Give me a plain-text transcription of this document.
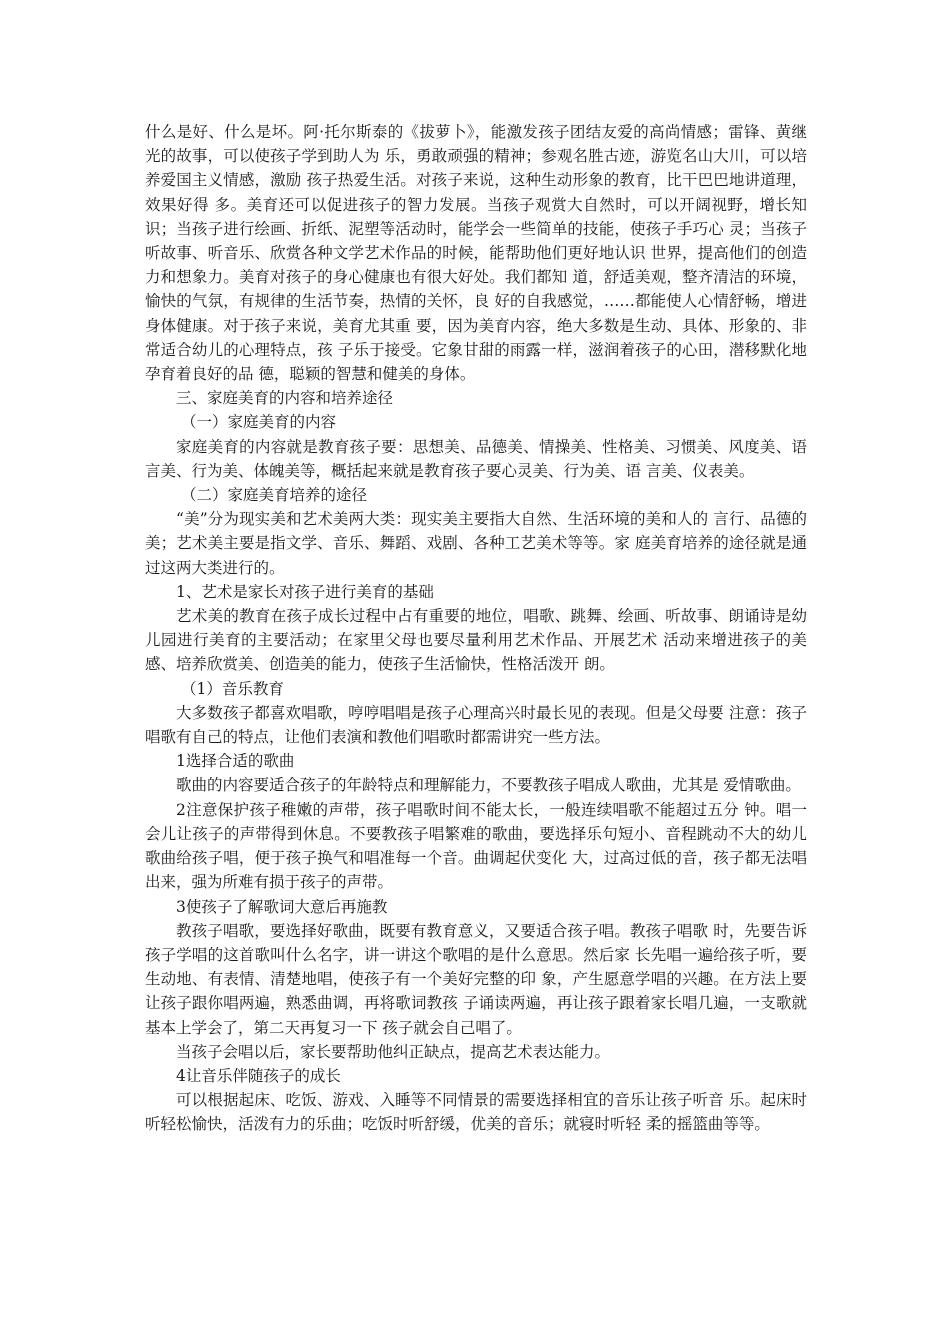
什么是好、什么是坏。阿·托尔斯泰的《拔萝卜》，能激发孩子团结友爱的高尚情感；雷锋、黄继光的故事，可以使孩子学到助人为 乐，勇敢顽强的精神；参观名胜古迹，游览名山大川，可以培养爱国主义情感，激励 孩子热爱生活。对孩子来说，这种生动形象的教育，比干巴巴地讲道理，效果好得 多。美育还可以促进孩子的智力发展。当孩子观赏大自然时，可以开阔视野，增长知 识；当孩子进行绘画、折纸、泥塑等活动时，能学会一些简单的技能，使孩子手巧心 灵；当孩子听故事、听音乐、欣赏各种文学艺术作品的时候，能帮助他们更好地认识 世界，提高他们的创造力和想象力。美育对孩子的身心健康也有很大好处。我们都知 道，舒适美观，整齐清洁的环境，愉快的气氛，有规律的生活节奏，热情的关怀，良 好的自我感觉，……都能使人心情舒畅，增进身体健康。对于孩子来说，美育尤其重 要，因为美育内容，绝大多数是生动、具体、形象的、非常适合幼儿的心理特点，孩 子乐于接受。它象甘甜的雨露一样，滋润着孩子的心田，潜移默化地孕育着良好的品 德，聪颖的智慧和健美的身体。

三、家庭美育的内容和培养途径

（一）家庭美育的内容

家庭美育的内容就是教育孩子要：思想美、品德美、情操美、性格美、习惯美、风度美、语言美、行为美、体魄美等，概括起来就是教育孩子要心灵美、行为美、语 言美、仪表美。

（二）家庭美育培养的途径

“美”分为现实美和艺术美两大类：现实美主要指大自然、生活环境的美和人的 言行、品德的美；艺术美主要是指文学、音乐、舞蹈、戏剧、各种工艺美术等等。家 庭美育培养的途径就是通过这两大类进行的。

1、艺术是家长对孩子进行美育的基础

艺术美的教育在孩子成长过程中占有重要的地位，唱歌、跳舞、绘画、听故事、朗诵诗是幼儿园进行美育的主要活动；在家里父母也要尽量利用艺术作品、开展艺术 活动来增进孩子的美感、培养欣赏美、创造美的能力，使孩子生活愉快，性格活泼开 朗。

（1）音乐教育

大多数孩子都喜欢唱歌，哼哼唱唱是孩子心理高兴时最长见的表现。但是父母要 注意：孩子唱歌有自己的特点，让他们表演和教他们唱歌时都需讲究一些方法。

1选择合适的歌曲

歌曲的内容要适合孩子的年龄特点和理解能力，不要教孩子唱成人歌曲，尤其是 爱情歌曲。

2注意保护孩子稚嫩的声带，孩子唱歌时间不能太长，一般连续唱歌不能超过五分 钟。唱一会儿让孩子的声带得到休息。不要教孩子唱繁难的歌曲，要选择乐句短小、音程跳动不大的幼儿歌曲给孩子唱，便于孩子换气和唱准每一个音。曲调起伏变化 大，过高过低的音，孩子都无法唱出来，强为所难有损于孩子的声带。

3使孩子了解歌词大意后再施教

教孩子唱歌，要选择好歌曲，既要有教育意义，又要适合孩子唱。教孩子唱歌 时，先要告诉孩子学唱的这首歌叫什么名字，讲一讲这个歌唱的是什么意思。然后家 长先唱一遍给孩子听，要生动地、有表情、清楚地唱，使孩子有一个美好完整的印 象，产生愿意学唱的兴趣。在方法上要让孩子跟你唱两遍，熟悉曲调，再将歌词教孩 子诵读两遍，再让孩子跟着家长唱几遍，一支歌就基本上学会了，第二天再复习一下 孩子就会自己唱了。

当孩子会唱以后，家长要帮助他纠正缺点，提高艺术表达能力。

4让音乐伴随孩子的成长

可以根据起床、吃饭、游戏、入睡等不同情景的需要选择相宜的音乐让孩子听音 乐。起床时听轻松愉快，活泼有力的乐曲；吃饭时听舒缓，优美的音乐；就寝时听轻 柔的摇篮曲等等。
